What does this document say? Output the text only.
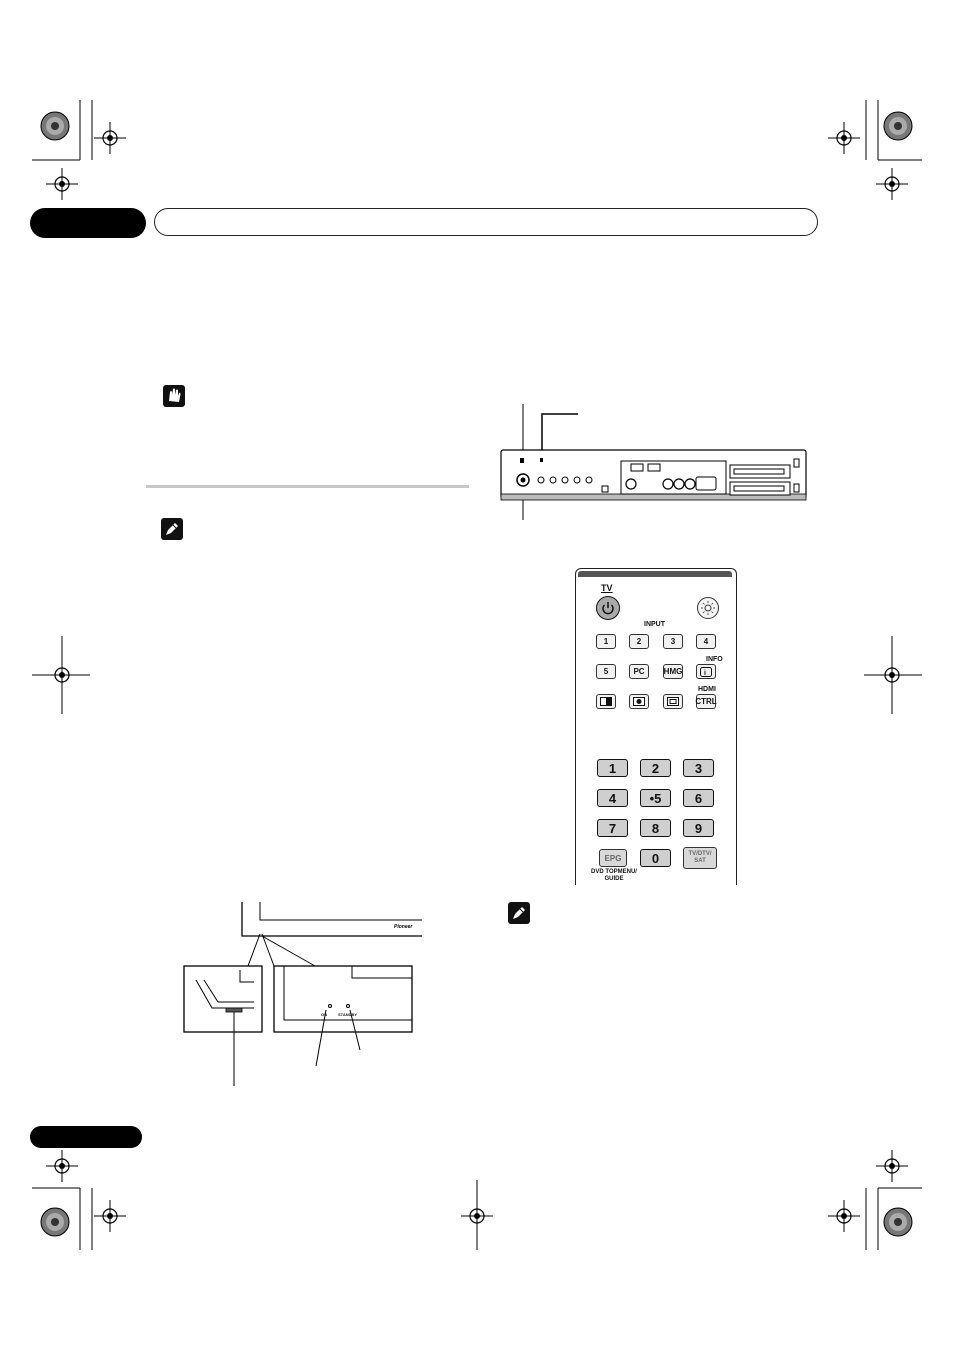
TV
INPUT
1	2	3	4
5	PC	HMG
INFO
i
HDMI
CTRL
1	2	3
4	•5	6
7	8	9
EPG	0	TV/DTV/ SAT
DVD TOPMENU/ GUIDE
Pioneer
ON	STANDBY
